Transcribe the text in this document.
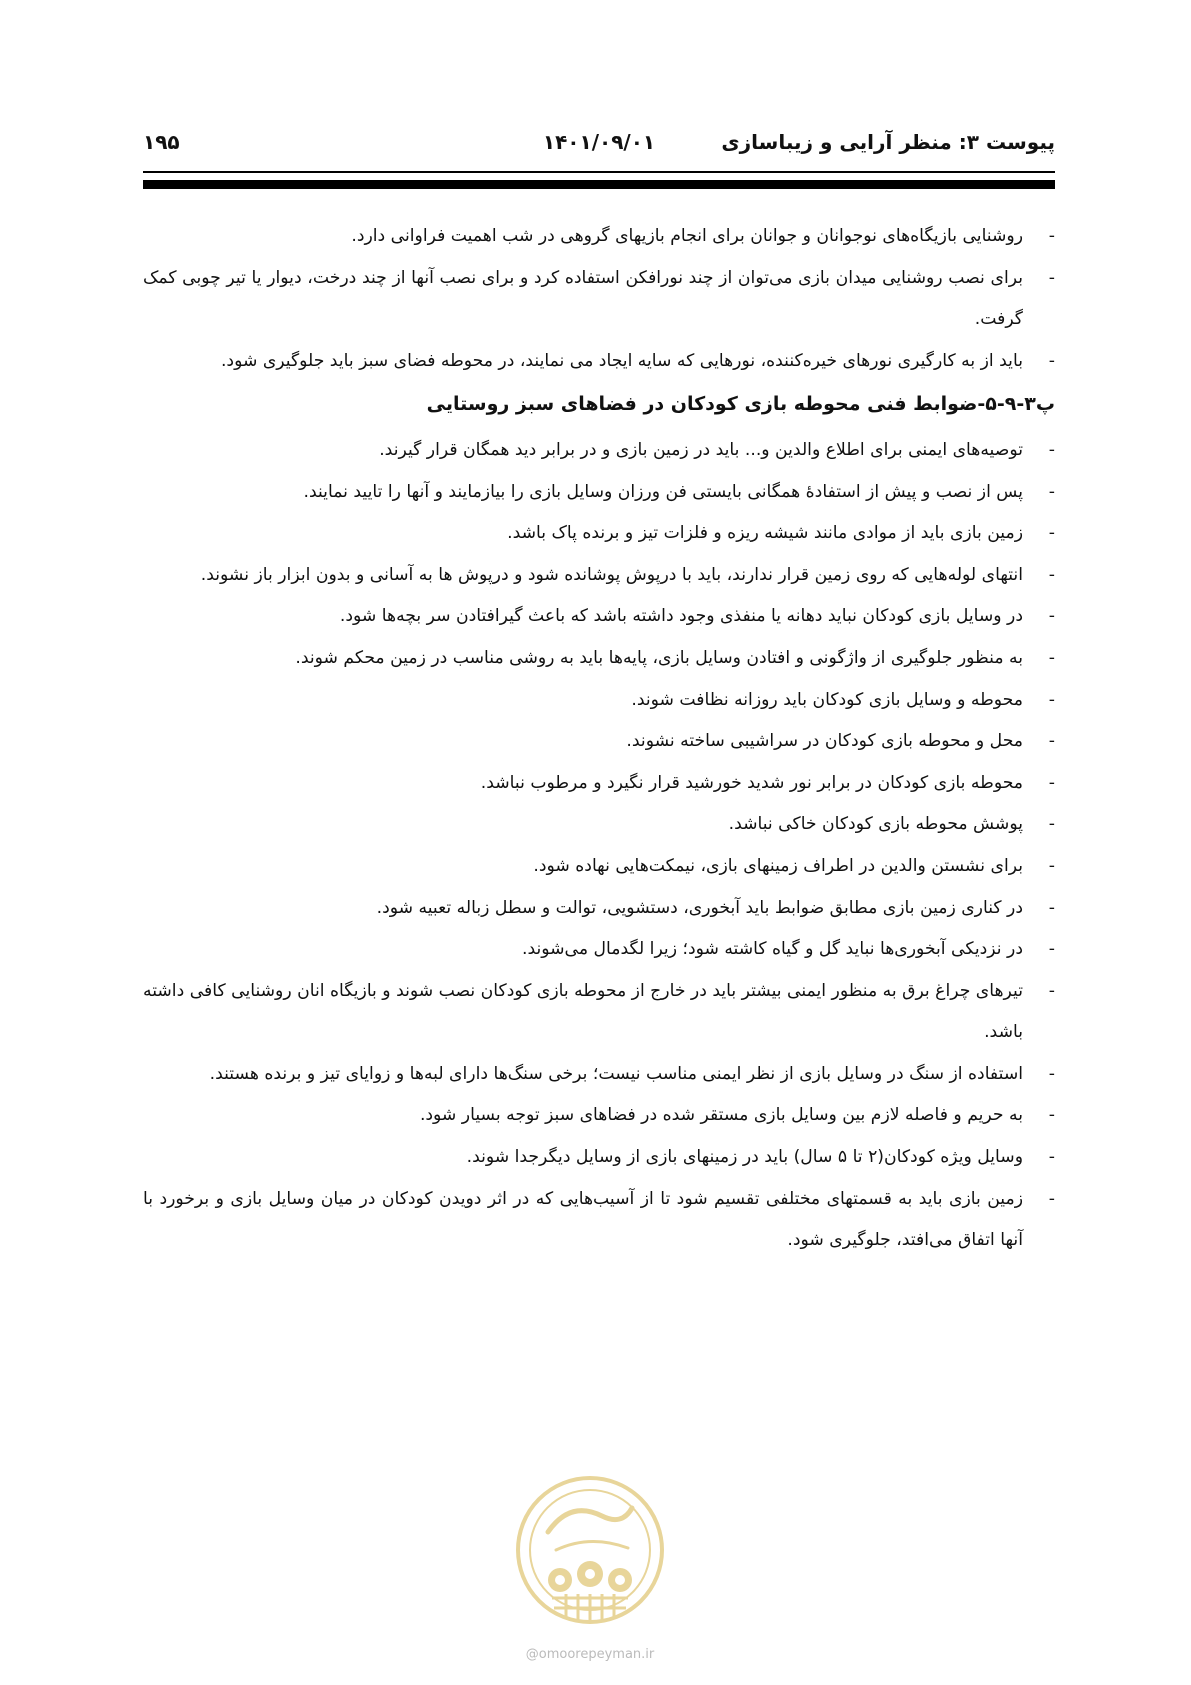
پیوست ۳: منظر آرایی و زیباسازی
۱۴۰۱/۰۹/۰۱
۱۹۵

-
روشنایی بازیگاه‌های نوجوانان و جوانان برای انجام بازیهای گروهی در شب اهمیت فراوانی دارد.

-
برای نصب روشنایی میدان بازی می‌توان از چند نورافکن استفاده کرد و برای نصب آنها از چند درخت، دیوار یا تیر چوبی کمک گرفت.

-
باید از به کارگیری نورهای خیره‌کننده، نورهایی که سایه ایجاد می نمایند، در محوطه فضای سبز باید جلوگیری شود.

پ۳-۹-۵-ضوابط فنی محوطه بازی کودکان در فضاهای سبز روستایی

-
توصیه‌های ایمنی برای اطلاع والدین و... باید در زمین بازی و در برابر دید همگان قرار گیرند.

-
پس از نصب و پیش از استفادۀ همگانی بایستی فن ورزان وسایل بازی را بیازمایند و آنها را تایید نمایند.

-
زمین بازی باید از موادی مانند شیشه ریزه و فلزات تیز و برنده پاک باشد.

-
انتهای لوله‌هایی که روی زمین قرار ندارند، باید با درپوش پوشانده شود و درپوش ها به آسانی و بدون ابزار باز نشوند.

-
در وسایل بازی کودکان نباید دهانه یا منفذی وجود داشته باشد که باعث گیرافتادن سر بچه‌ها شود.

-
به منظور جلوگیری از واژگونی و افتادن وسایل بازی، پایه‌ها باید به روشی مناسب در زمین محکم شوند.

-
محوطه و وسایل بازی کودکان باید روزانه نظافت شوند.

-
محل و محوطه بازی کودکان در سراشیبی ساخته نشوند.

-
محوطه بازی کودکان در برابر نور شدید خورشید قرار نگیرد و مرطوب نباشد.

-
پوشش محوطه بازی کودکان خاکی نباشد.

-
برای نشستن والدین در اطراف زمینهای بازی، نیمکت‌هایی نهاده شود.

-
در کناری زمین بازی مطابق ضوابط باید آبخوری، دستشویی، توالت و سطل زباله تعبیه شود.

-
در نزدیکی آبخوری‌ها نباید گل و گیاه کاشته شود؛ زیرا لگدمال می‌شوند.

-
تیرهای چراغ برق به منظور ایمنی بیشتر باید در خارج از محوطه بازی کودکان نصب شوند و بازیگاه انان روشنایی کافی داشته باشد.

-
استفاده از سنگ در وسایل بازی از نظر ایمنی مناسب نیست؛ برخی سنگ‌ها دارای لبه‌ها و زوایای تیز و برنده هستند.

-
به حریم و فاصله لازم بین وسایل بازی مستقر شده در فضاهای سبز توجه بسیار شود.

-
وسایل ویژه کودکان(۲ تا ۵ سال) باید در زمینهای بازی از وسایل دیگرجدا شوند.

-
زمین بازی باید به قسمتهای مختلفی تقسیم شود تا از آسیب‌هایی که در اثر دویدن کودکان در میان وسایل بازی و برخورد با آنها اتفاق می‌افتد، جلوگیری شود.

@omoorepeyman.ir
